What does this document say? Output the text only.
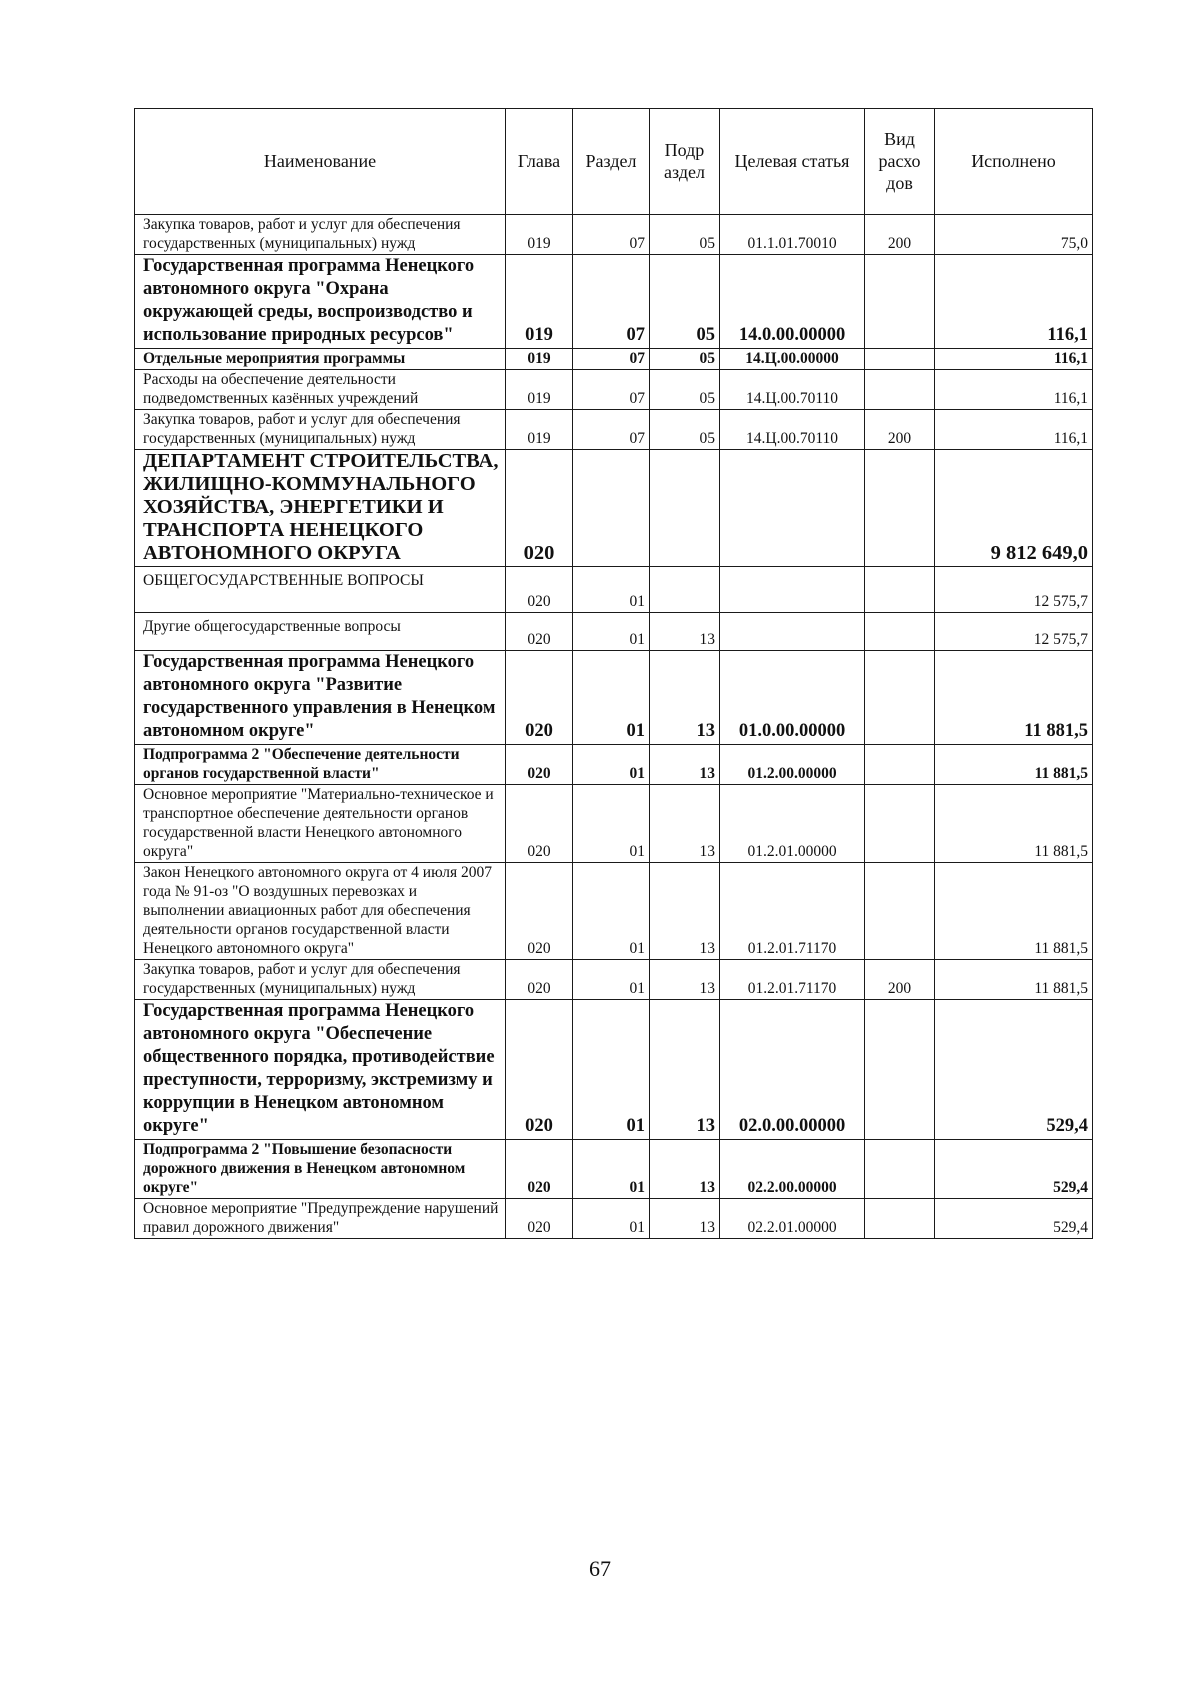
Наименование	Глава	Раздел	Подр аздел	Целевая статья	Вид расхо дов	Исполнено
Закупка товаров, работ и услуг для обеспечения государственных (муниципальных) нужд	019	07	05	01.1.01.70010	200	75,0
Государственная программа Ненецкого автономного округа "Охрана окружающей среды, воспроизводство и использование природных ресурсов"	019	07	05	14.0.00.00000		116,1
Отдельные мероприятия программы	019	07	05	14.Ц.00.00000		116,1
Расходы на обеспечение деятельности подведомственных казённых учреждений	019	07	05	14.Ц.00.70110		116,1
Закупка товаров, работ и услуг для обеспечения государственных (муниципальных) нужд	019	07	05	14.Ц.00.70110	200	116,1
ДЕПАРТАМЕНТ СТРОИТЕЛЬСТВА, ЖИЛИЩНО-КОММУНАЛЬНОГО ХОЗЯЙСТВА, ЭНЕРГЕТИКИ И ТРАНСПОРТА НЕНЕЦКОГО АВТОНОМНОГО ОКРУГА	020					9 812 649,0
ОБЩЕГОСУДАРСТВЕННЫЕ ВОПРОСЫ	020	01				12 575,7
Другие общегосударственные вопросы	020	01	13			12 575,7
Государственная программа Ненецкого автономного округа "Развитие государственного управления в Ненецком автономном округе"	020	01	13	01.0.00.00000		11 881,5
Подпрограмма 2 "Обеспечение деятельности органов государственной власти"	020	01	13	01.2.00.00000		11 881,5
Основное мероприятие "Материально-техническое и транспортное обеспечение деятельности органов государственной власти Ненецкого автономного округа"	020	01	13	01.2.01.00000		11 881,5
Закон Ненецкого автономного округа от 4 июля 2007 года № 91-оз "О воздушных перевозках и выполнении авиационных работ для обеспечения деятельности органов государственной власти Ненецкого автономного округа"	020	01	13	01.2.01.71170		11 881,5
Закупка товаров, работ и услуг для обеспечения государственных (муниципальных) нужд	020	01	13	01.2.01.71170	200	11 881,5
Государственная программа Ненецкого автономного округа "Обеспечение общественного порядка, противодействие преступности, терроризму, экстремизму и коррупции в Ненецком автономном округе"	020	01	13	02.0.00.00000		529,4
Подпрограмма 2 "Повышение безопасности дорожного движения в Ненецком автономном округе"	020	01	13	02.2.00.00000		529,4
Основное мероприятие "Предупреждение нарушений правил дорожного движения"	020	01	13	02.2.01.00000		529,4
67
